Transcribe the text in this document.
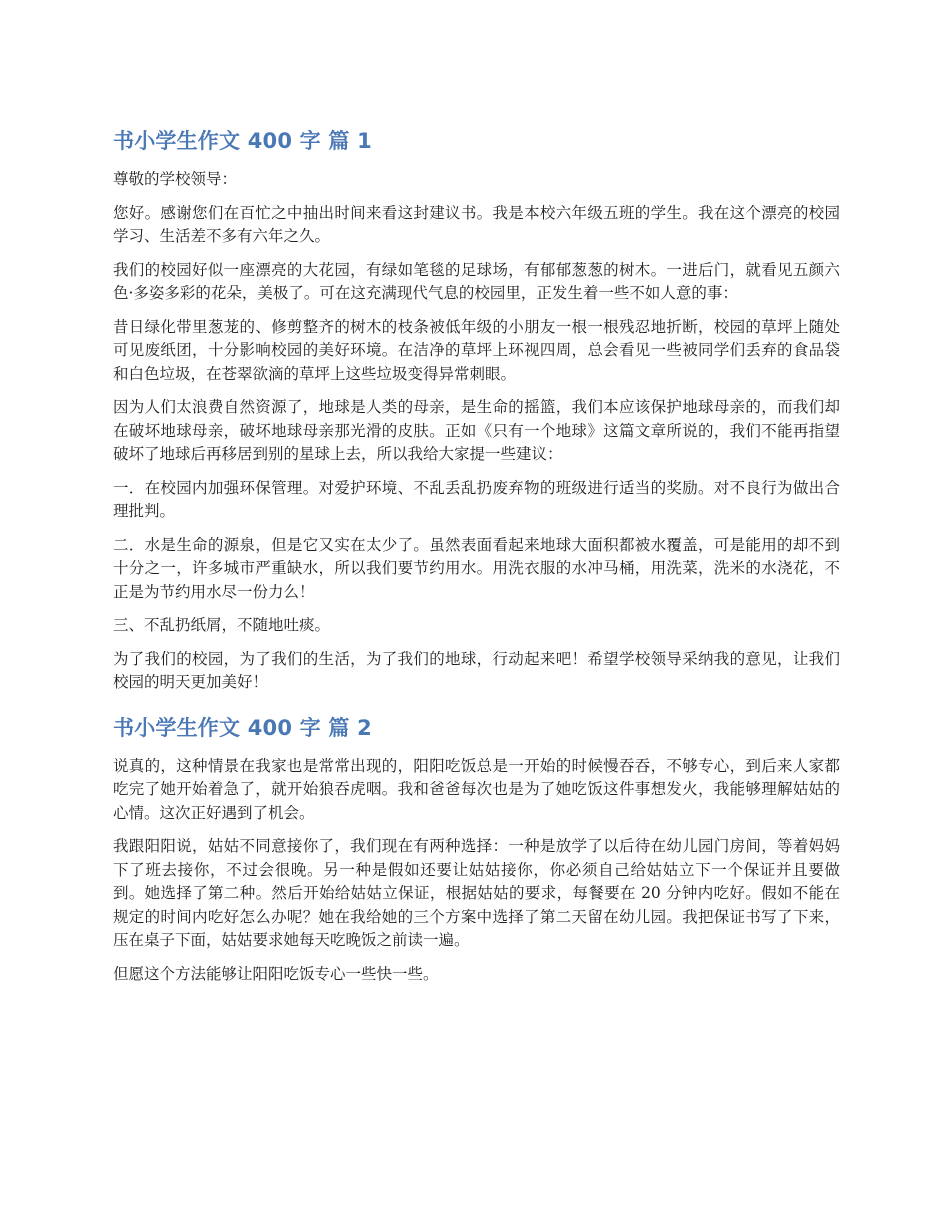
书小学生作文 400 字 篇 1

尊敬的学校领导：

您好。感谢您们在百忙之中抽出时间来看这封建议书。我是本校六年级五班的学生。我在这个漂亮的校园学习、生活差不多有六年之久。

我们的校园好似一座漂亮的大花园，有绿如笔毯的足球场，有郁郁葱葱的树木。一进后门，就看见五颜六色·多姿多彩的花朵，美极了。可在这充满现代气息的校园里，正发生着一些不如人意的事：

昔日绿化带里葱茏的、修剪整齐的树木的枝条被低年级的小朋友一根一根残忍地折断，校园的草坪上随处可见废纸团，十分影响校园的美好环境。在洁净的草坪上环视四周，总会看见一些被同学们丢弃的食品袋和白色垃圾，在苍翠欲滴的草坪上这些垃圾变得异常刺眼。

因为人们太浪费自然资源了，地球是人类的母亲，是生命的摇篮，我们本应该保护地球母亲的，而我们却在破坏地球母亲，破坏地球母亲那光滑的皮肤。正如《只有一个地球》这篇文章所说的，我们不能再指望破坏了地球后再移居到别的星球上去，所以我给大家提一些建议：

一．在校园内加强环保管理。对爱护环境、不乱丢乱扔废弃物的班级进行适当的奖励。对不良行为做出合理批判。

二．水是生命的源泉，但是它又实在太少了。虽然表面看起来地球大面积都被水覆盖，可是能用的却不到十分之一，许多城市严重缺水，所以我们要节约用水。用洗衣服的水冲马桶，用洗菜，洗米的水浇花，不正是为节约用水尽一份力么！

三、不乱扔纸屑，不随地吐痰。

为了我们的校园，为了我们的生活，为了我们的地球，行动起来吧！希望学校领导采纳我的意见，让我们校园的明天更加美好！

书小学生作文 400 字 篇 2

说真的，这种情景在我家也是常常出现的，阳阳吃饭总是一开始的时候慢吞吞，不够专心，到后来人家都吃完了她开始着急了，就开始狼吞虎咽。我和爸爸每次也是为了她吃饭这件事想发火，我能够理解姑姑的心情。这次正好遇到了机会。

我跟阳阳说，姑姑不同意接你了，我们现在有两种选择：一种是放学了以后待在幼儿园门房间，等着妈妈下了班去接你，不过会很晚。另一种是假如还要让姑姑接你，你必须自己给姑姑立下一个保证并且要做到。她选择了第二种。然后开始给姑姑立保证，根据姑姑的要求，每餐要在 20 分钟内吃好。假如不能在规定的时间内吃好怎么办呢？她在我给她的三个方案中选择了第二天留在幼儿园。我把保证书写了下来，压在桌子下面，姑姑要求她每天吃晚饭之前读一遍。

但愿这个方法能够让阳阳吃饭专心一些快一些。
